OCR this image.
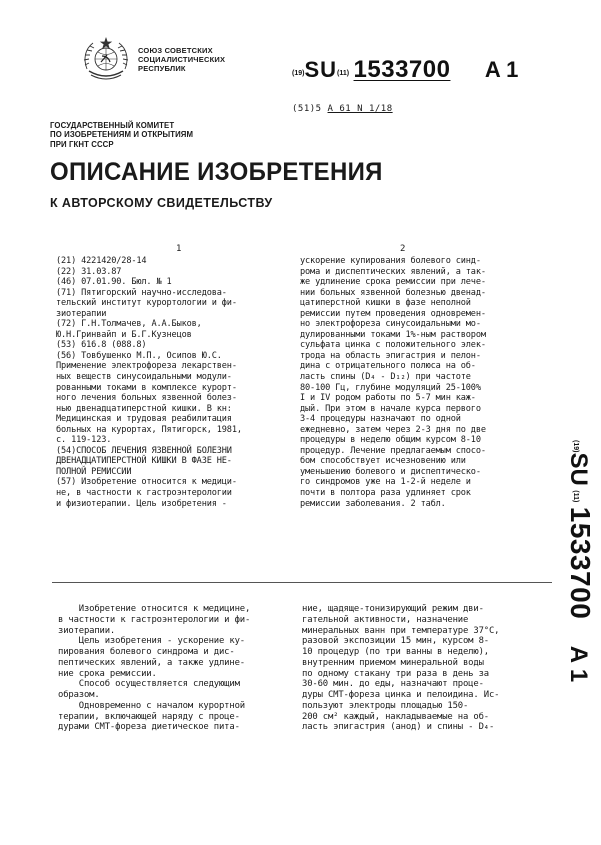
СОЮЗ СОВЕТСКИХ
СОЦИАЛИСТИЧЕСКИХ
РЕСПУБЛИК
(19)SU(11) 1533700 A 1
(51)5 A 61 N 1/18
ГОСУДАРСТВЕННЫЙ КОМИТЕТ
ПО ИЗОБРЕТЕНИЯМ И ОТКРЫТИЯМ
ПРИ ГКНТ СССР
ОПИСАНИЕ ИЗОБРЕТЕНИЯ
К АВТОРСКОМУ СВИДЕТЕЛЬСТВУ
1	2
(21) 4221420/28-14
(22) 31.03.87
(46) 07.01.90. Бюл. № 1
(71) Пятигорский научно-исследова-
тельский институт курортологии и фи-
зиотерапии
(72) Г.Н.Толмачев, А.А.Быков,
Ю.Н.Гринвайп и Б.Г.Кузнецов
(53) 616.8 (088.8)
(56) Товбушенко М.П., Осипов Ю.С.
Применение электрофореза лекарствен-
ных веществ синусоидальными модули-
рованными токами в комплексе курорт-
ного лечения больных язвенной болез-
нью двенадцатиперстной кишки. В кн:
Медицинская и трудовая реабилитация
больных на курортах, Пятигорск, 1981,
с. 119-123.
(54)СПОСОБ ЛЕЧЕНИЯ ЯЗВЕННОЙ БОЛЕЗНИ
ДВЕНАДЦАТИПЕРСТНОЙ КИШКИ В ФАЗЕ НЕ-
ПОЛНОЙ РЕМИССИИ
(57) Изобретение относится к медици-
не, в частности к гастроэнтерологии
и физиотерапии. Цель изобретения -
ускорение купирования болевого синд-
рома и диспептических явлений, а так-
же удлинение срока ремиссии при лече-
нии больных язвенной болезнью двенад-
цатиперстной кишки в фазе неполной
ремиссии путем проведения одновремен-
но электрофореза синусоидальными мо-
дулированными токами 1%-ным раствором
сульфата цинка с положительного элек-
трода на область эпигастрия и пелон-
дина с отрицательного полюса на об-
ласть спины (D₄ - D₁₂) при частоте
80-100 Гц, глубине модуляций 25-100%
I и IV родом работы по 5-7 мин каж-
дый. При этом в начале курса первого
3-4 процедуры назначают по одной
ежедневно, затем через 2-3 дня по две
процедуры в неделю общим курсом 8-10
процедур. Лечение предлагаемым спосо-
бом способствует исчезновению или
уменьшению болевого и диспептическо-
го синдромов уже на 1-2-й неделе и
почти в полтора раза удлиняет срок
ремиссии заболевания. 2 табл.
Изобретение относится к медицине,
в частности к гастроэнтерологии и фи-
зиотерапии.
Цель изобретения - ускорение ку-
пирования болевого синдрома и дис-
пептических явлений, а также удлине-
ние срока ремиссии.
Способ осуществляется следующим
образом.
Одновременно с началом курортной
терапии, включающей наряду с проце-
дурами СМТ-фореза диетическое пита-
ние, щадяще-тонизирующий режим дви-
гательной активности, назначение
минеральных ванн при температуре 37°С,
разовой экспозиции 15 мин, курсом 8-
10 процедур (по три ванны в неделю),
внутренним приемом минеральной воды
по одному стакану три раза в день за
30-60 мин. до еды, назначают проце-
дуры СМТ-фореза цинка и пелоидина. Ис-
пользуют электроды площадью 150-
200 см² каждый, накладываемые на об-
ласть эпигастрия (анод) и спины - D₄-
(19)SU (11) 1533700 A 1
